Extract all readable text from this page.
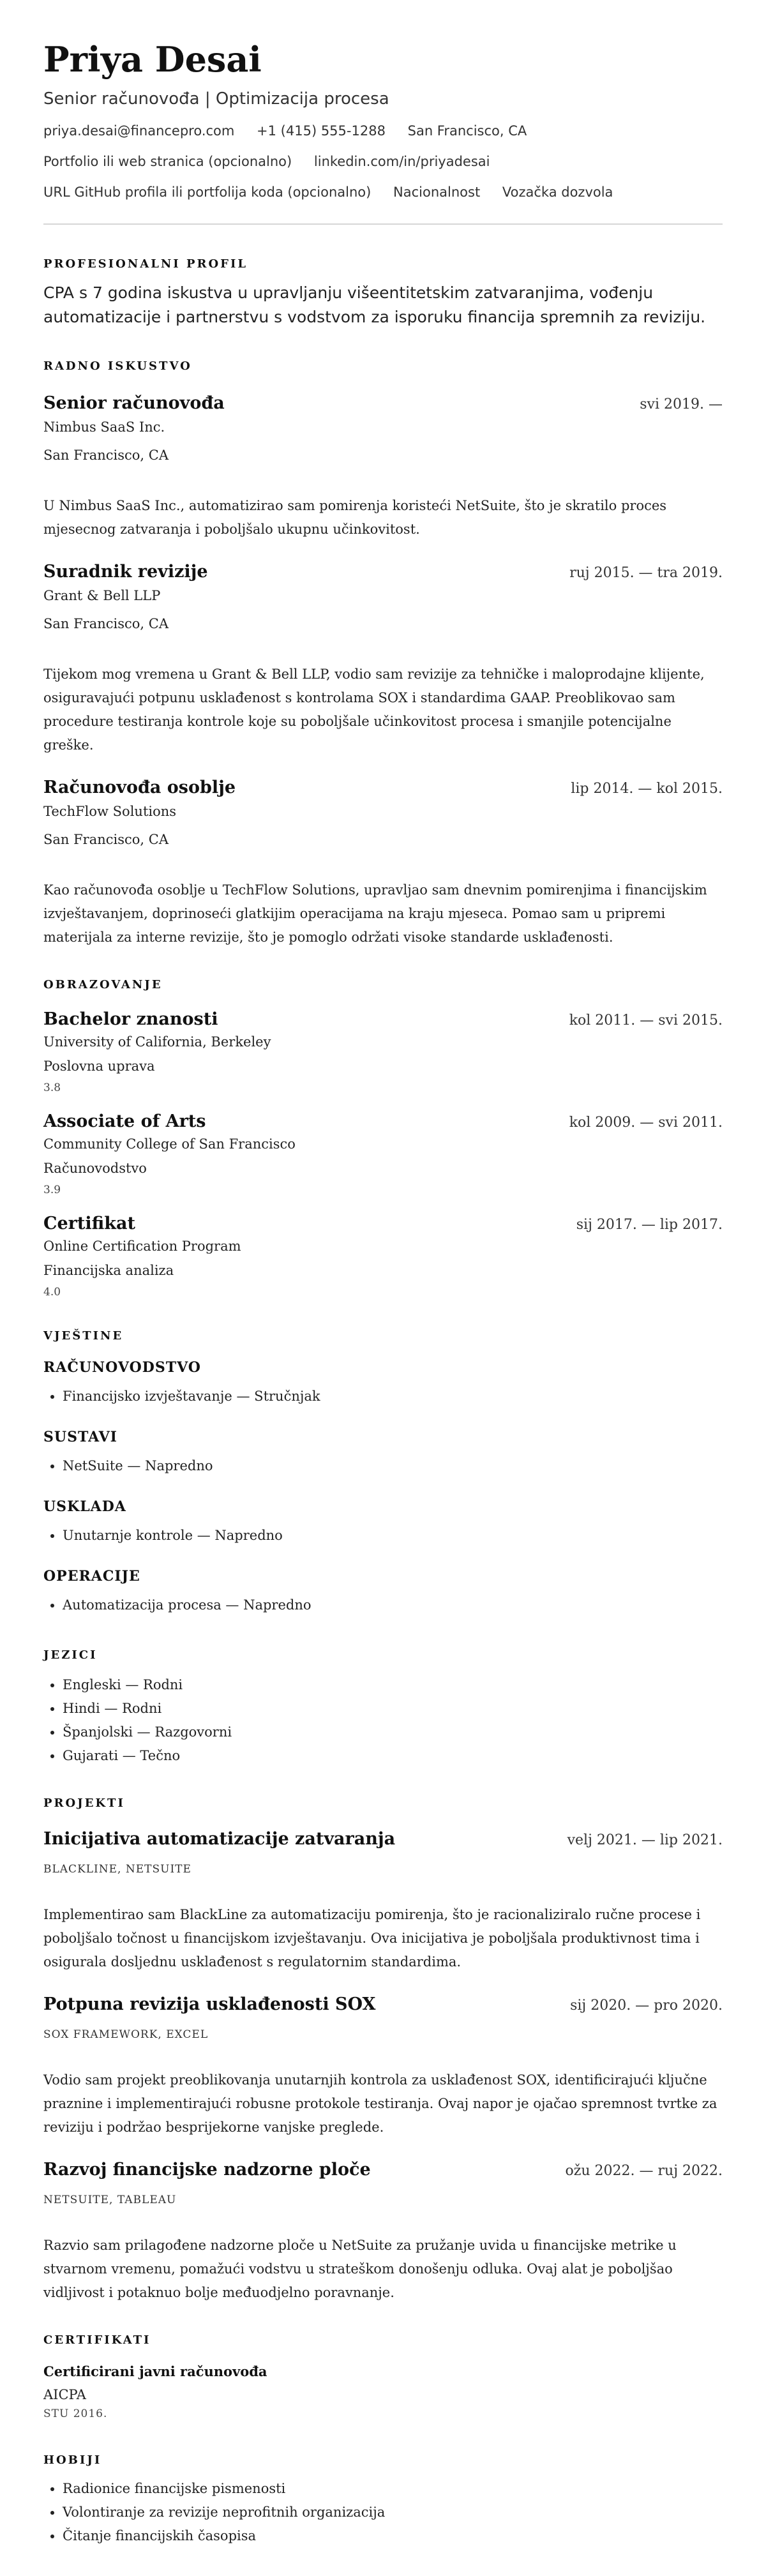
Priya Desai
Senior računovođa | Optimizacija procesa
priya.desai@financepro.com +1 (415) 555-1288 San Francisco, CA
Portfolio ili web stranica (opcionalno) linkedin.com/in/priyadesai
URL GitHub profila ili portfolija koda (opcionalno) Nacionalnost Vozačka dozvola
PROFESIONALNI PROFIL
CPA s 7 godina iskustva u upravljanju višeentitetskim zatvaranjima, vođenju automatizacije i partnerstvu s vodstvom za isporuku financija spremnih za reviziju.
RADNO ISKUSTVO
Senior računovođa	svi 2019. —
Nimbus SaaS Inc.
San Francisco, CA
U Nimbus SaaS Inc., automatizirao sam pomirenja koristeći NetSuite, što je skratilo proces mjesecnog zatvaranja i poboljšalo ukupnu učinkovitost.
Suradnik revizije	ruj 2015. — tra 2019.
Grant & Bell LLP
San Francisco, CA
Tijekom mog vremena u Grant & Bell LLP, vodio sam revizije za tehničke i maloprodajne klijente, osiguravajući potpunu usklađenost s kontrolama SOX i standardima GAAP. Preoblikovao sam procedure testiranja kontrole koje su poboljšale učinkovitost procesa i smanjile potencijalne greške.
Računovođa osoblje	lip 2014. — kol 2015.
TechFlow Solutions
San Francisco, CA
Kao računovođa osoblje u TechFlow Solutions, upravljao sam dnevnim pomirenjima i financijskim izvještavanjem, doprinoseći glatkijim operacijama na kraju mjeseca. Pomao sam u pripremi materijala za interne revizije, što je pomoglo održati visoke standarde usklađenosti.
OBRAZOVANJE
Bachelor znanosti	kol 2011. — svi 2015.
University of California, Berkeley
Poslovna uprava
3.8
Associate of Arts	kol 2009. — svi 2011.
Community College of San Francisco
Računovodstvo
3.9
Certifikat	sij 2017. — lip 2017.
Online Certification Program
Financijska analiza
4.0
VJEŠTINE
RAČUNOVODSTVO
• Financijsko izvještavanje — Stručnjak
SUSTAVI
• NetSuite — Napredno
USKLADA
• Unutarnje kontrole — Napredno
OPERACIJE
• Automatizacija procesa — Napredno
JEZICI
• Engleski — Rodni
• Hindi — Rodni
• Španjolski — Razgovorni
• Gujarati — Tečno
PROJEKTI
Inicijativa automatizacije zatvaranja	velj 2021. — lip 2021.
BLACKLINE, NETSUITE
Implementirao sam BlackLine za automatizaciju pomirenja, što je racionaliziralo ručne procese i poboljšalo točnost u financijskom izvještavanju. Ova inicijativa je poboljšala produktivnost tima i osigurala dosljednu usklađenost s regulatornim standardima.
Potpuna revizija usklađenosti SOX	sij 2020. — pro 2020.
SOX FRAMEWORK, EXCEL
Vodio sam projekt preoblikovanja unutarnjih kontrola za usklađenost SOX, identificirajući ključne praznine i implementirajući robusne protokole testiranja. Ovaj napor je ojačao spremnost tvrtke za reviziju i podržao besprijekorne vanjske preglede.
Razvoj financijske nadzorne ploče	ožu 2022. — ruj 2022.
NETSUITE, TABLEAU
Razvio sam prilagođene nadzorne ploče u NetSuite za pružanje uvida u financijske metrike u stvarnom vremenu, pomažući vodstvu u strateškom donošenju odluka. Ovaj alat je poboljšao vidljivost i potaknuo bolje međuodjelno poravnanje.
CERTIFIKATI
Certificirani javni računovođa
AICPA
STU 2016.
HOBIJI
• Radionice financijske pismenosti
• Volontiranje za revizije neprofitnih organizacija
• Čitanje financijskih časopisa
